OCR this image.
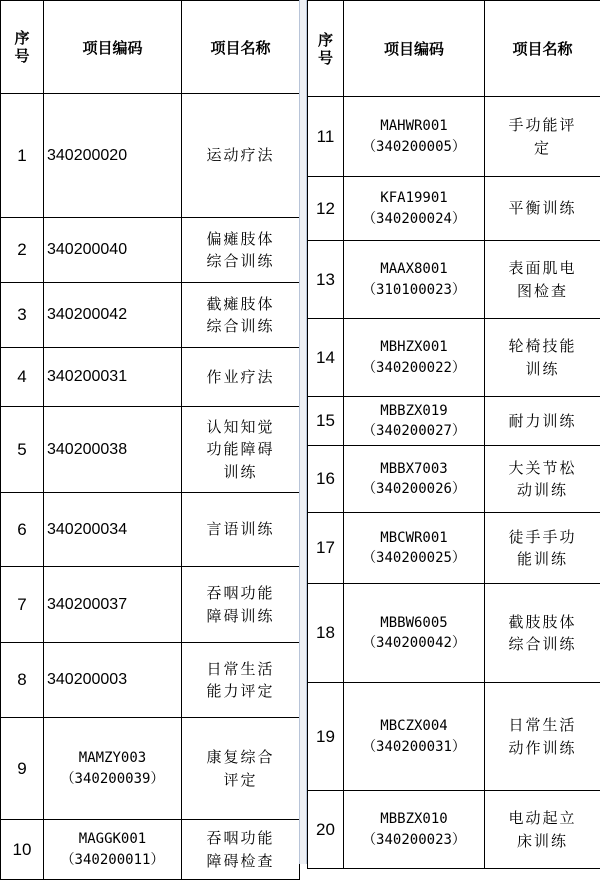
序号	项目编码	项目名称
1	340200020	运动疗法
2	340200040	偏瘫肢体
综合训练
3	340200042	截瘫肢体
综合训练
4	340200031	作业疗法
5	340200038	认知知觉
功能障碍
训练
6	340200034	言语训练
7	340200037	吞咽功能
障碍训练
8	340200003	日常生活
能力评定
9	MAMZY003
（340200039）	康复综合
评定
10	MAGGK001
（340200011）	吞咽功能
障碍检查
序号	项目编码	项目名称
11	MAHWR001
（340200005）	手功能评
定
12	KFA19901
（340200024）	平衡训练
13	MAAX8001
（310100023）	表面肌电
图检查
14	MBHZX001
（340200022）	轮椅技能
训练
15	MBBZX019
（340200027）	耐力训练
16	MBBX7003
（340200026）	大关节松
动训练
17	MBCWR001
（340200025）	徒手手功
能训练
18	MBBW6005
（340200042）	截肢肢体
综合训练
19	MBCZX004
（340200031）	日常生活
动作训练
20	MBBZX010
（340200023）	电动起立
床训练
